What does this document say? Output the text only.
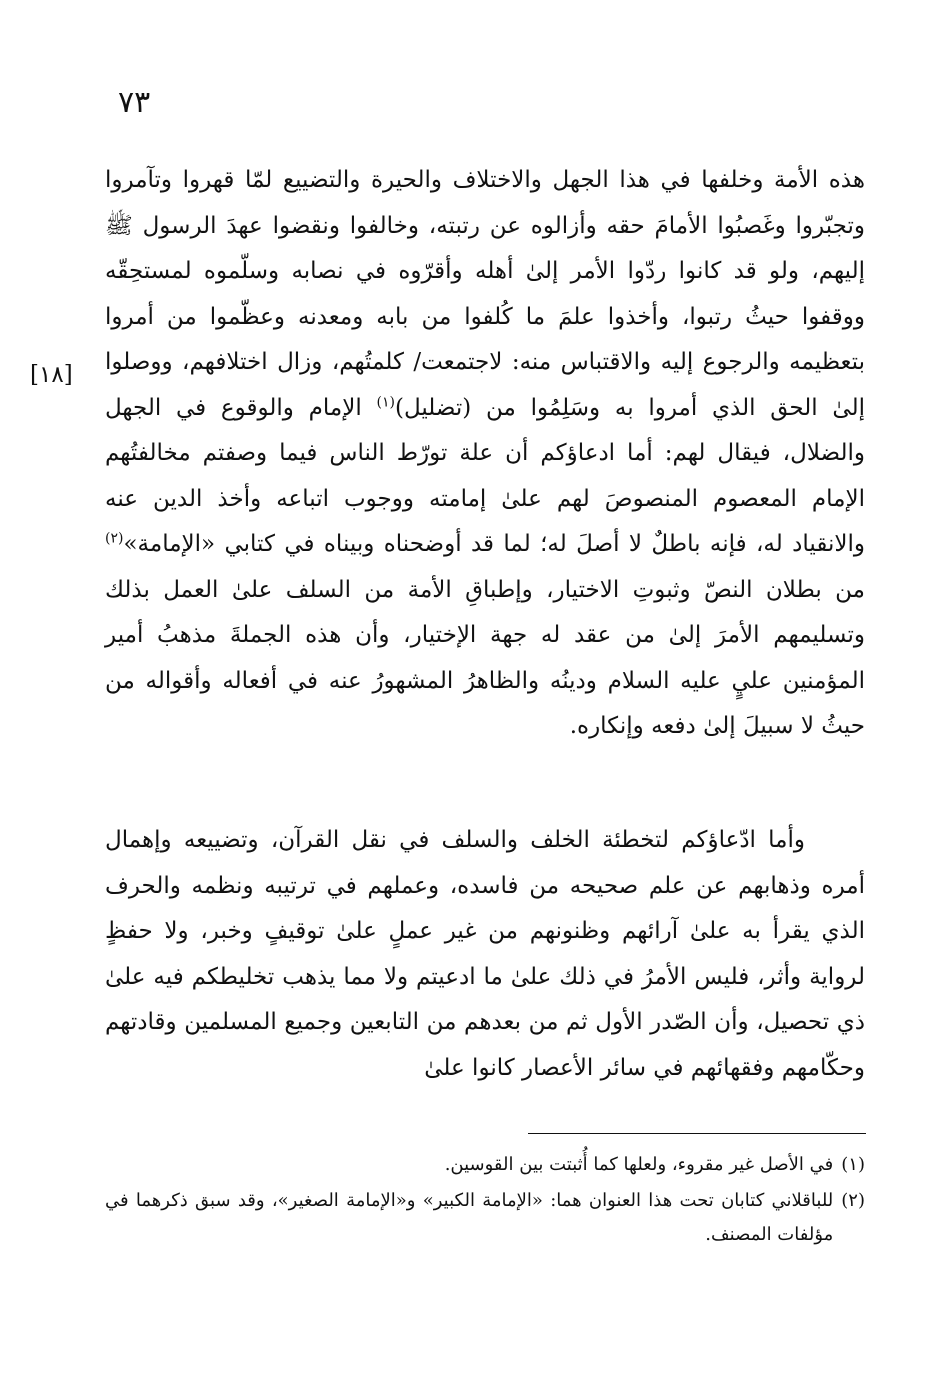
٧٣
[١٨]

هذه الأمة وخلفها في هذا الجهل والاختلاف والحيرة والتضييع لمّا قهروا وتآمروا وتجبّروا وغَصبُوا الأمامَ حقه وأزالوه عن رتبته، وخالفوا ونقضوا عهدَ الرسول ﷺ إليهم، ولو قد كانوا ردّوا الأمر إلىٰ أهله وأقرّوه في نصابه وسلّموه لمستحِقّه ووقفوا حيثُ رتبوا، وأخذوا علمَ ما كُلفوا من بابه ومعدنه وعظّموا من أمروا بتعظيمه والرجوع إليه والاقتباس منه: لاجتمعت/ كلمتُهم، وزال اختلافهم، ووصلوا إلىٰ الحق الذي أمروا به وسَلِمُوا من (تضليل)$^{(١)}$ الإمام والوقوع في الجهل والضلال، فيقال لهم: أما ادعاؤكم أن علة تورّط الناس فيما وصفتم مخالفتُهم الإمام المعصوم المنصوصَ لهم علىٰ إمامته ووجوب اتباعه وأخذ الدين عنه والانقياد له، فإنه باطلٌ لا أصلَ له؛ لما قد أوضحناه وبيناه في كتابي «الإمامة»$^{(٢)}$ من بطلان النصّ وثبوتِ الاختيار، وإطباقِ الأمة من السلف علىٰ العمل بذلك وتسليمهم الأمرَ إلىٰ من عقد له جهة الإختيار، وأن هذه الجملةَ مذهبُ أمير المؤمنين عليٍ عليه السلام ودينُه والظاهرُ المشهورُ عنه في أفعاله وأقواله من حيثُ لا سبيلَ إلىٰ دفعه وإنكاره.

وأما ادّعاؤكم لتخطئة الخلف والسلف في نقل القرآن، وتضييعه وإهمال أمره وذهابهم عن علم صحيحه من فاسده، وعملهم في ترتيبه ونظمه والحرف الذي يقرأ به علىٰ آرائهم وظنونهم من غير عملٍ علىٰ توقيفٍ وخبر، ولا حفظٍ لرواية وأثر، فليس الأمرُ في ذلك علىٰ ما ادعيتم ولا مما يذهب تخليطكم فيه علىٰ ذي تحصيل، وأن الصّدر الأول ثم من بعدهم من التابعين وجميع المسلمين وقادتهم وحكّامهم وفقهائهم في سائر الأعصار كانوا علىٰ

(١)
في الأصل غير مقروء، ولعلها كما أُثبتت بين القوسين.
(٢)
للباقلاني كتابان تحت هذا العنوان هما: «الإمامة الكبير» و«الإمامة الصغير»، وقد سبق ذكرهما في مؤلفات المصنف.
